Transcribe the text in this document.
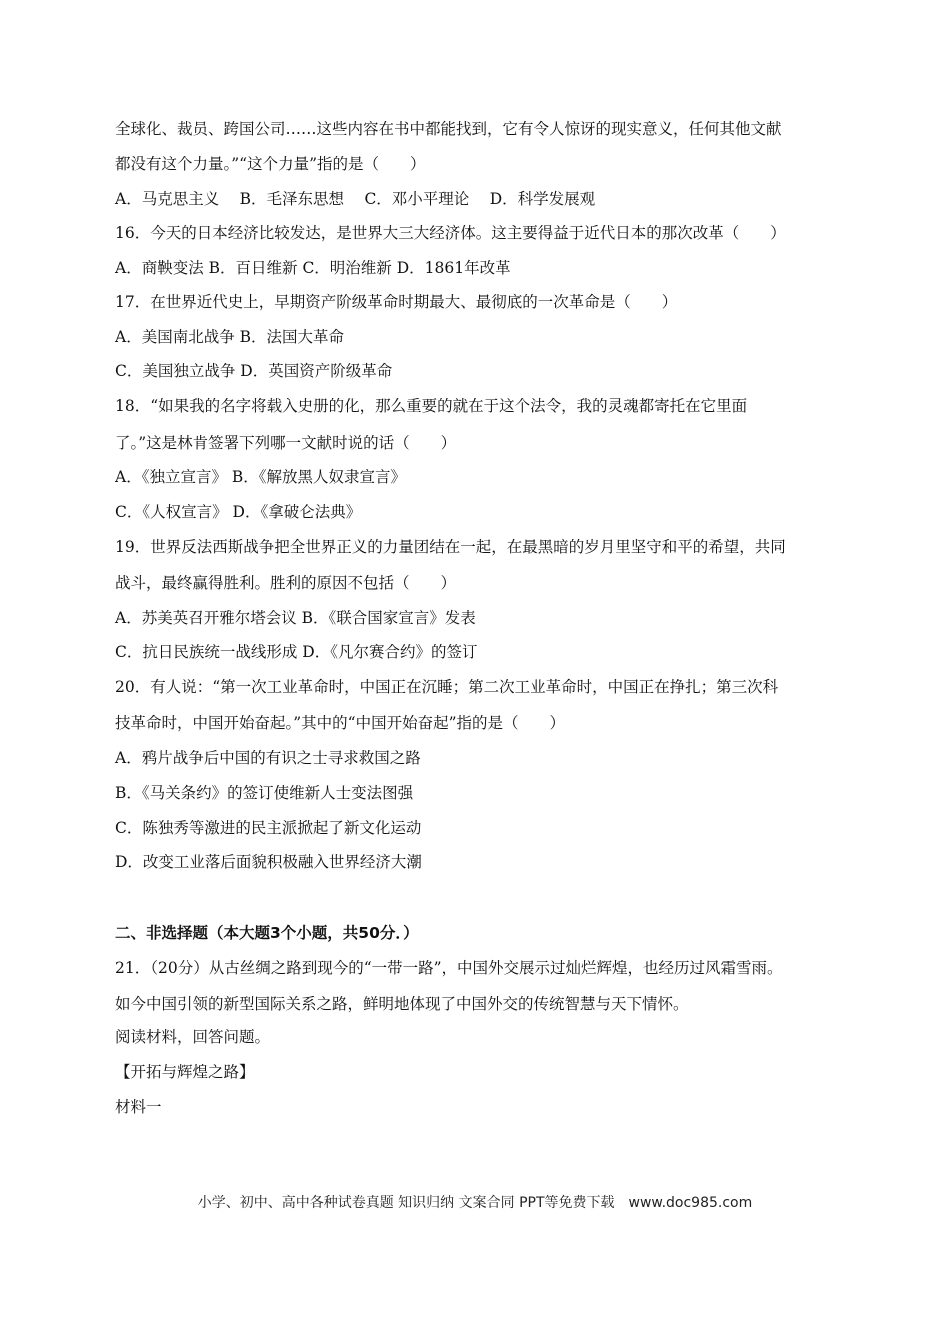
全球化、裁员、跨国公司……这些内容在书中都能找到，它有令人惊讶的现实意义，任何其他文献
都没有这个力量。”“这个力量”指的是（　　）
A．马克思主义　 B．毛泽东思想　 C．邓小平理论　 D．科学发展观
16．今天的日本经济比较发达，是世界大三大经济体。这主要得益于近代日本的那次改革（　　）
A．商鞅变法 B．百日维新 C．明治维新 D．1861年改革
17．在世界近代史上，早期资产阶级革命时期最大、最彻底的一次革命是（　　）
A．美国南北战争 B．法国大革命
C．美国独立战争 D．英国资产阶级革命
18．“如果我的名字将载入史册的化，那么重要的就在于这个法令，我的灵魂都寄托在它里面
了。”这是林肯签署下列哪一文献时说的话（　　）
A．《独立宣言》 B．《解放黑人奴隶宣言》
C．《人权宣言》 D．《拿破仑法典》
19．世界反法西斯战争把全世界正义的力量团结在一起，在最黑暗的岁月里坚守和平的希望，共同
战斗，最终赢得胜利。胜利的原因不包括（　　）
A．苏美英召开雅尔塔会议 B．《联合国家宣言》发表
C．抗日民族统一战线形成 D．《凡尔赛合约》的签订
20．有人说：“第一次工业革命时，中国正在沉睡；第二次工业革命时，中国正在挣扎；第三次科
技革命时，中国开始奋起。”其中的“中国开始奋起”指的是（　　）
A．鸦片战争后中国的有识之士寻求救国之路
B．《马关条约》的签订使维新人士变法图强
C．陈独秀等激进的民主派掀起了新文化运动
D．改变工业落后面貌积极融入世界经济大潮
二、非选择题（本大题3个小题，共50分．）
21．（20分）从古丝绸之路到现今的“一带一路”，中国外交展示过灿烂辉煌，也经历过风霜雪雨。
如今中国引领的新型国际关系之路，鲜明地体现了中国外交的传统智慧与天下情怀。
阅读材料，回答问题。
【开拓与辉煌之路】
材料一
小学、初中、高中各种试卷真题 知识归纳 文案合同 PPT等免费下载　www.doc985.com
